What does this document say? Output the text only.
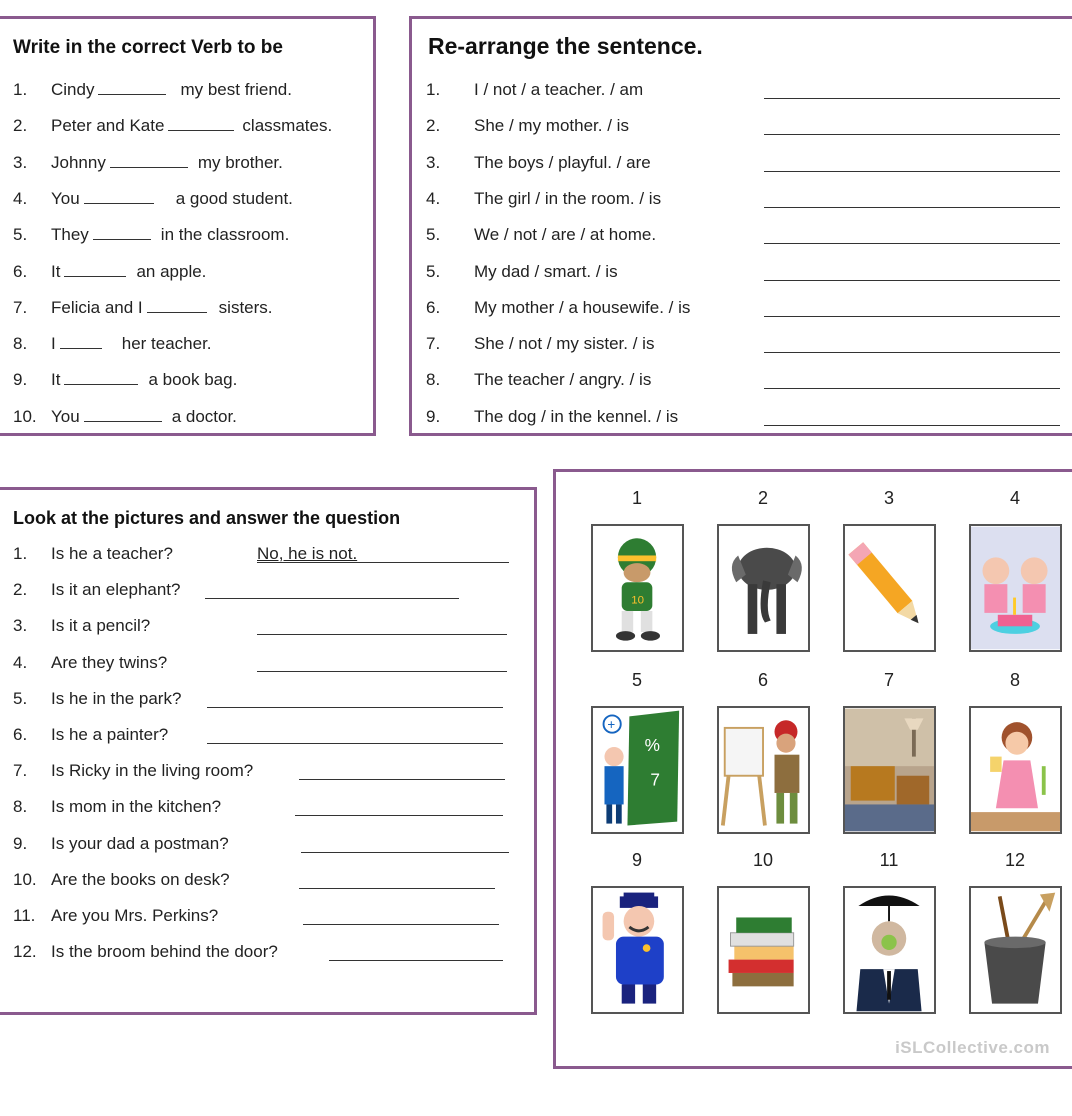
Write in the correct Verb to be
1. Cindy	my best friend.
2. Peter and Kate	classmates.
3. Johnny	my brother.
4. You	a good student.
5. They	in the classroom.
6. It	an apple.
7. Felicia and I	sisters.
8. I	her teacher.
9. It	a book bag.
10. You	a doctor.
Re-arrange the sentence.
1. I / not / a teacher. / am
2. She / my mother. / is
3. The boys / playful. / are
4. The girl / in the room. / is
5. We / not / are / at home.
5. My dad / smart. / is
6. My mother / a housewife. / is
7. She / not / my sister. / is
8. The teacher / angry. / is
9. The dog / in the kennel. / is
Look at the pictures and answer the question
1. Is he a teacher?	No, he is not.
2. Is it an elephant?
3. Is it a pencil?
4. Are they twins?
5. Is he in the park?
6. Is he a painter?
7. Is Ricky in the living room?
8. Is mom in the kitchen?
9. Is your dad a postman?
10. Are the books on desk?
11. Are you Mrs. Perkins?
12. Is the broom behind the door?
1
10
2	3	4
5
%
7
+
6	7	8
9	10	11	12
iSLCollective.com
